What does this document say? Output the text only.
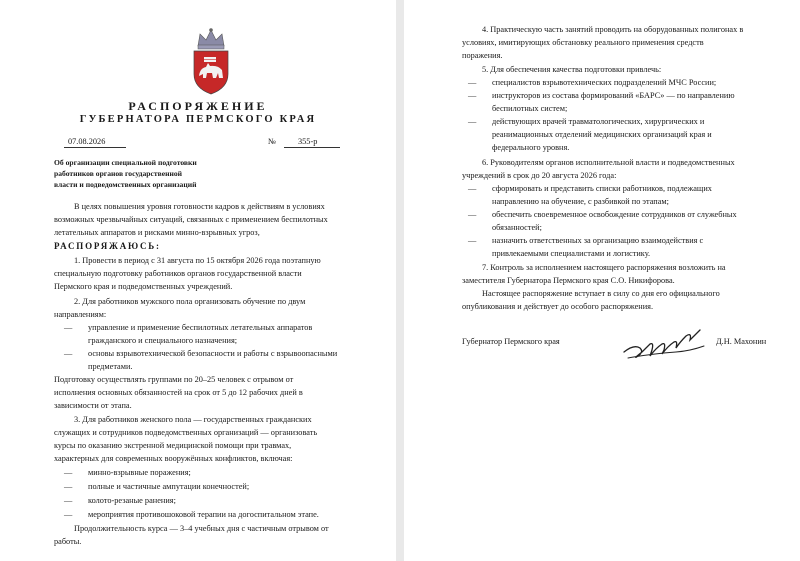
РАСПОРЯЖЕНИЕ
ГУБЕРНАТОРА ПЕРМСКОГО КРАЯ
07.08.2026	№	355-р
Об организации специальной подготовки
работников органов государственной
власти и подведомственных организаций
В целях повышения уровня готовности кадров к действиям в условиях
возможных чрезвычайных ситуаций, связанных с применением беспилотных
летательных аппаратов и рисками минно-взрывных угроз,
РАСПОРЯЖАЮСЬ:
1. Провести в период с 31 августа по 15 октября 2026 года поэтапную
специальную подготовку работников органов государственной власти
Пермского края и подведомственных учреждений.
2. Для работников мужского пола организовать обучение по двум
направлениям:
— управление и применение беспилотных летательных аппаратов
гражданского и специального назначения;
— основы взрывотехнической безопасности и работы с взрывоопасными
предметами.
Подготовку осуществлять группами по 20–25 человек с отрывом от
исполнения основных обязанностей на срок от 5 до 12 рабочих дней в
зависимости от этапа.
3. Для работников женского пола — государственных гражданских
служащих и сотрудников подведомственных организаций — организовать
курсы по оказанию экстренной медицинской помощи при травмах,
характерных для современных вооружённых конфликтов, включая:
— минно-взрывные поражения;
— полные и частичные ампутации конечностей;
— колото-резаные ранения;
— мероприятия противошоковой терапии на догоспитальном этапе.
Продолжительность курса — 3–4 учебных дня с частичным отрывом от
работы.
4. Практическую часть занятий проводить на оборудованных полигонах в
условиях, имитирующих обстановку реального применения средств
поражения.
5. Для обеспечения качества подготовки привлечь:
— специалистов взрывотехнических подразделений МЧС России;
— инструкторов из состава формирований «БАРС» — по направлению
беспилотных систем;
— действующих врачей травматологических, хирургических и
реанимационных отделений медицинских организаций края и
федерального уровня.
6. Руководителям органов исполнительной власти и подведомственных
учреждений в срок до 20 августа 2026 года:
— сформировать и представить списки работников, подлежащих
направлению на обучение, с разбивкой по этапам;
— обеспечить своевременное освобождение сотрудников от служебных
обязанностей;
— назначить ответственных за организацию взаимодействия с
привлекаемыми специалистами и логистику.
7. Контроль за исполнением настоящего распоряжения возложить на
заместителя Губернатора Пермского края С.О. Никифорова.
Настоящее распоряжение вступает в силу со дня его официального
опубликования и действует до особого распоряжения.
Губернатор Пермского края	Д.Н. Махонин
